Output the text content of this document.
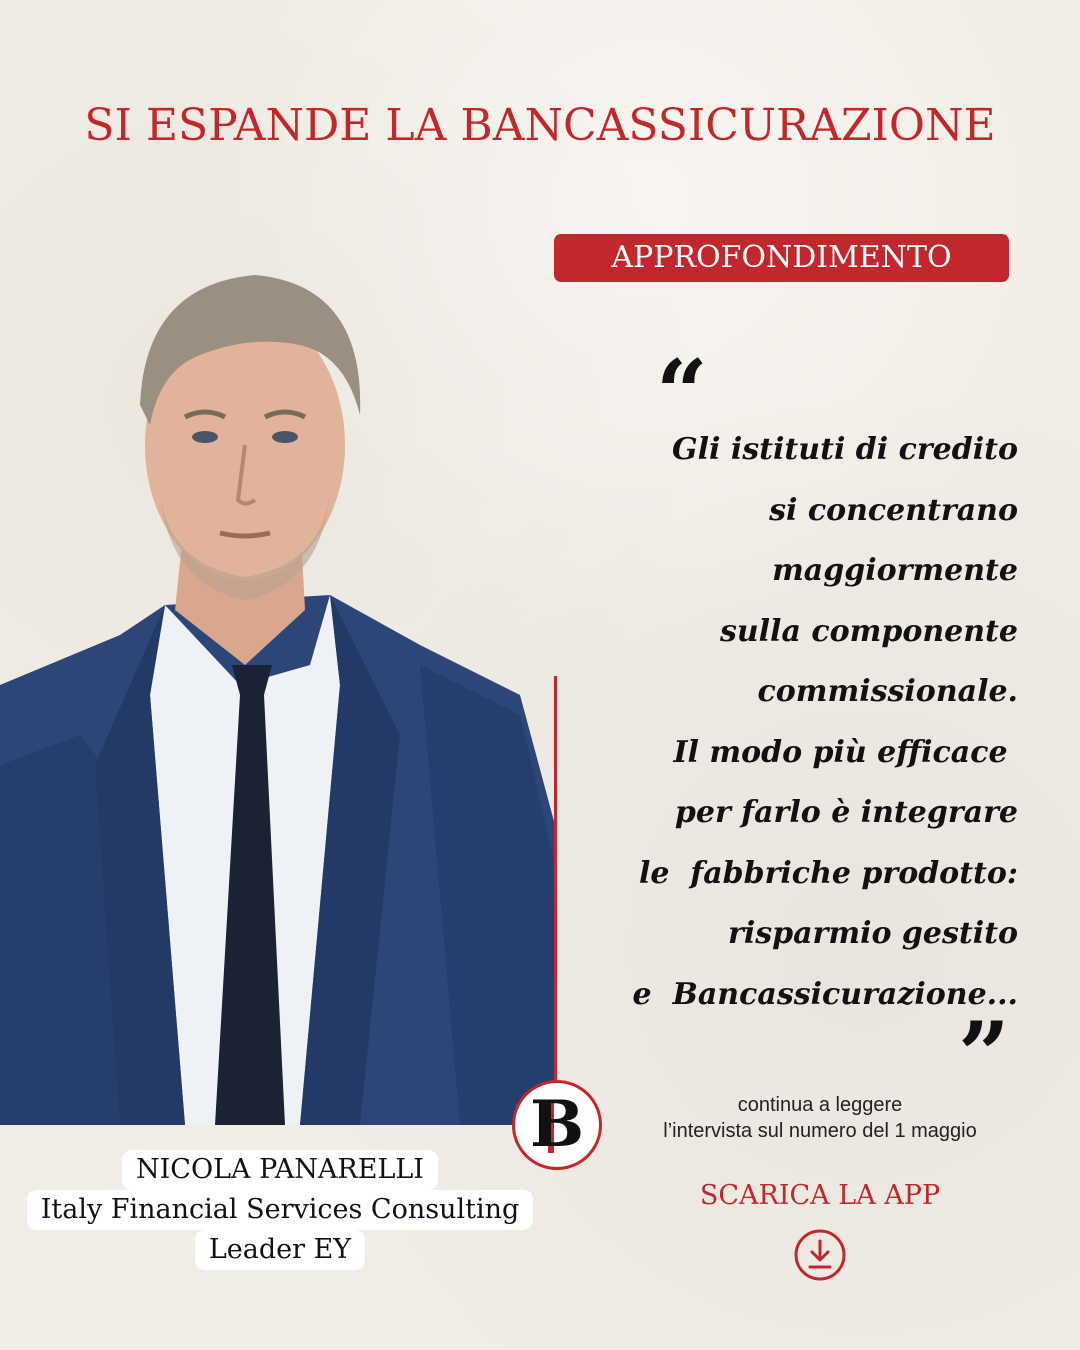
SI ESPANDE LA BANCASSICURAZIONE
APPROFONDIMENTO
“
Gli istituti di credito
si concentrano
maggiormente
sulla componente
commissionale.
Il modo più efficace
per farlo è integrare
le  fabbriche prodotto:
risparmio gestito
e  Bancassicurazione...
”
B	continua a leggere
l’intervista sul numero del 1 maggio
SCARICA LA APP
NICOLA PANARELLI
Italy Financial Services Consulting
Leader EY
